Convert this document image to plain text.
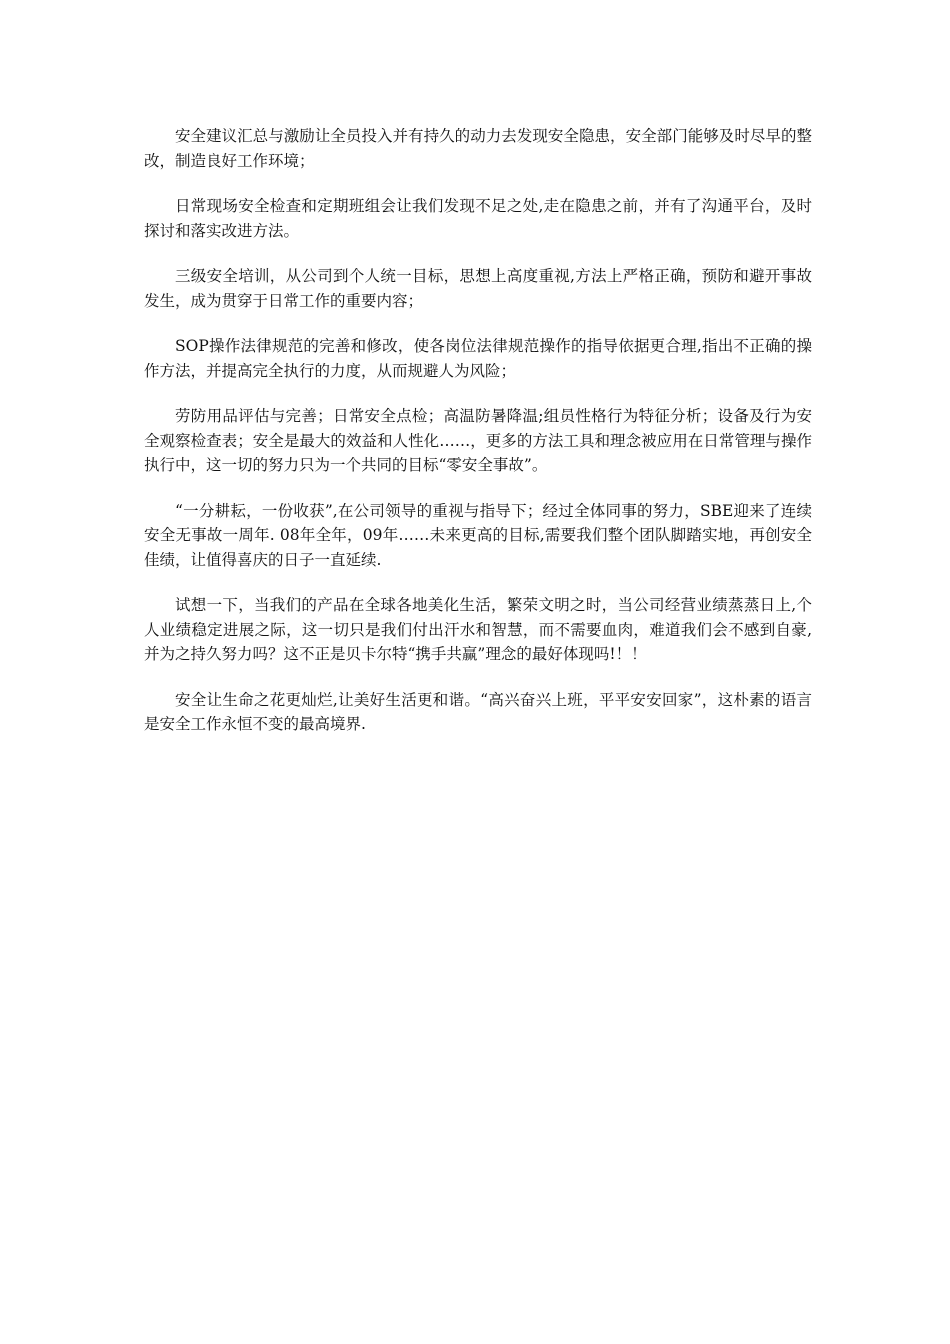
安全建议汇总与激励让全员投入并有持久的动力去发现安全隐患，安全部门能够及时尽早的整改，制造良好工作环境；

日常现场安全检查和定期班组会让我们发现不足之处,走在隐患之前，并有了沟通平台，及时探讨和落实改进方法。

三级安全培训，从公司到个人统一目标，思想上高度重视,方法上严格正确，预防和避开事故发生，成为贯穿于日常工作的重要内容；

SOP操作法律规范的完善和修改，使各岗位法律规范操作的指导依据更合理,指出不正确的操作方法，并提高完全执行的力度，从而规避人为风险；

劳防用品评估与完善；日常安全点检；高温防暑降温;组员性格行为特征分析；设备及行为安全观察检查表；安全是最大的效益和人性化……，更多的方法工具和理念被应用在日常管理与操作执行中，这一切的努力只为一个共同的目标“零安全事故”。

“一分耕耘，一份收获”,在公司领导的重视与指导下；经过全体同事的努力，SBE迎来了连续安全无事故一周年. 08年全年，09年……未来更高的目标,需要我们整个团队脚踏实地，再创安全佳绩，让值得喜庆的日子一直延续.

试想一下，当我们的产品在全球各地美化生活，繁荣文明之时，当公司经营业绩蒸蒸日上,个人业绩稳定进展之际，这一切只是我们付出汗水和智慧，而不需要血肉，难道我们会不感到自豪,并为之持久努力吗？这不正是贝卡尔特“携手共赢”理念的最好体现吗!！！

安全让生命之花更灿烂,让美好生活更和谐。“高兴奋兴上班，平平安安回家”，这朴素的语言是安全工作永恒不变的最高境界.
